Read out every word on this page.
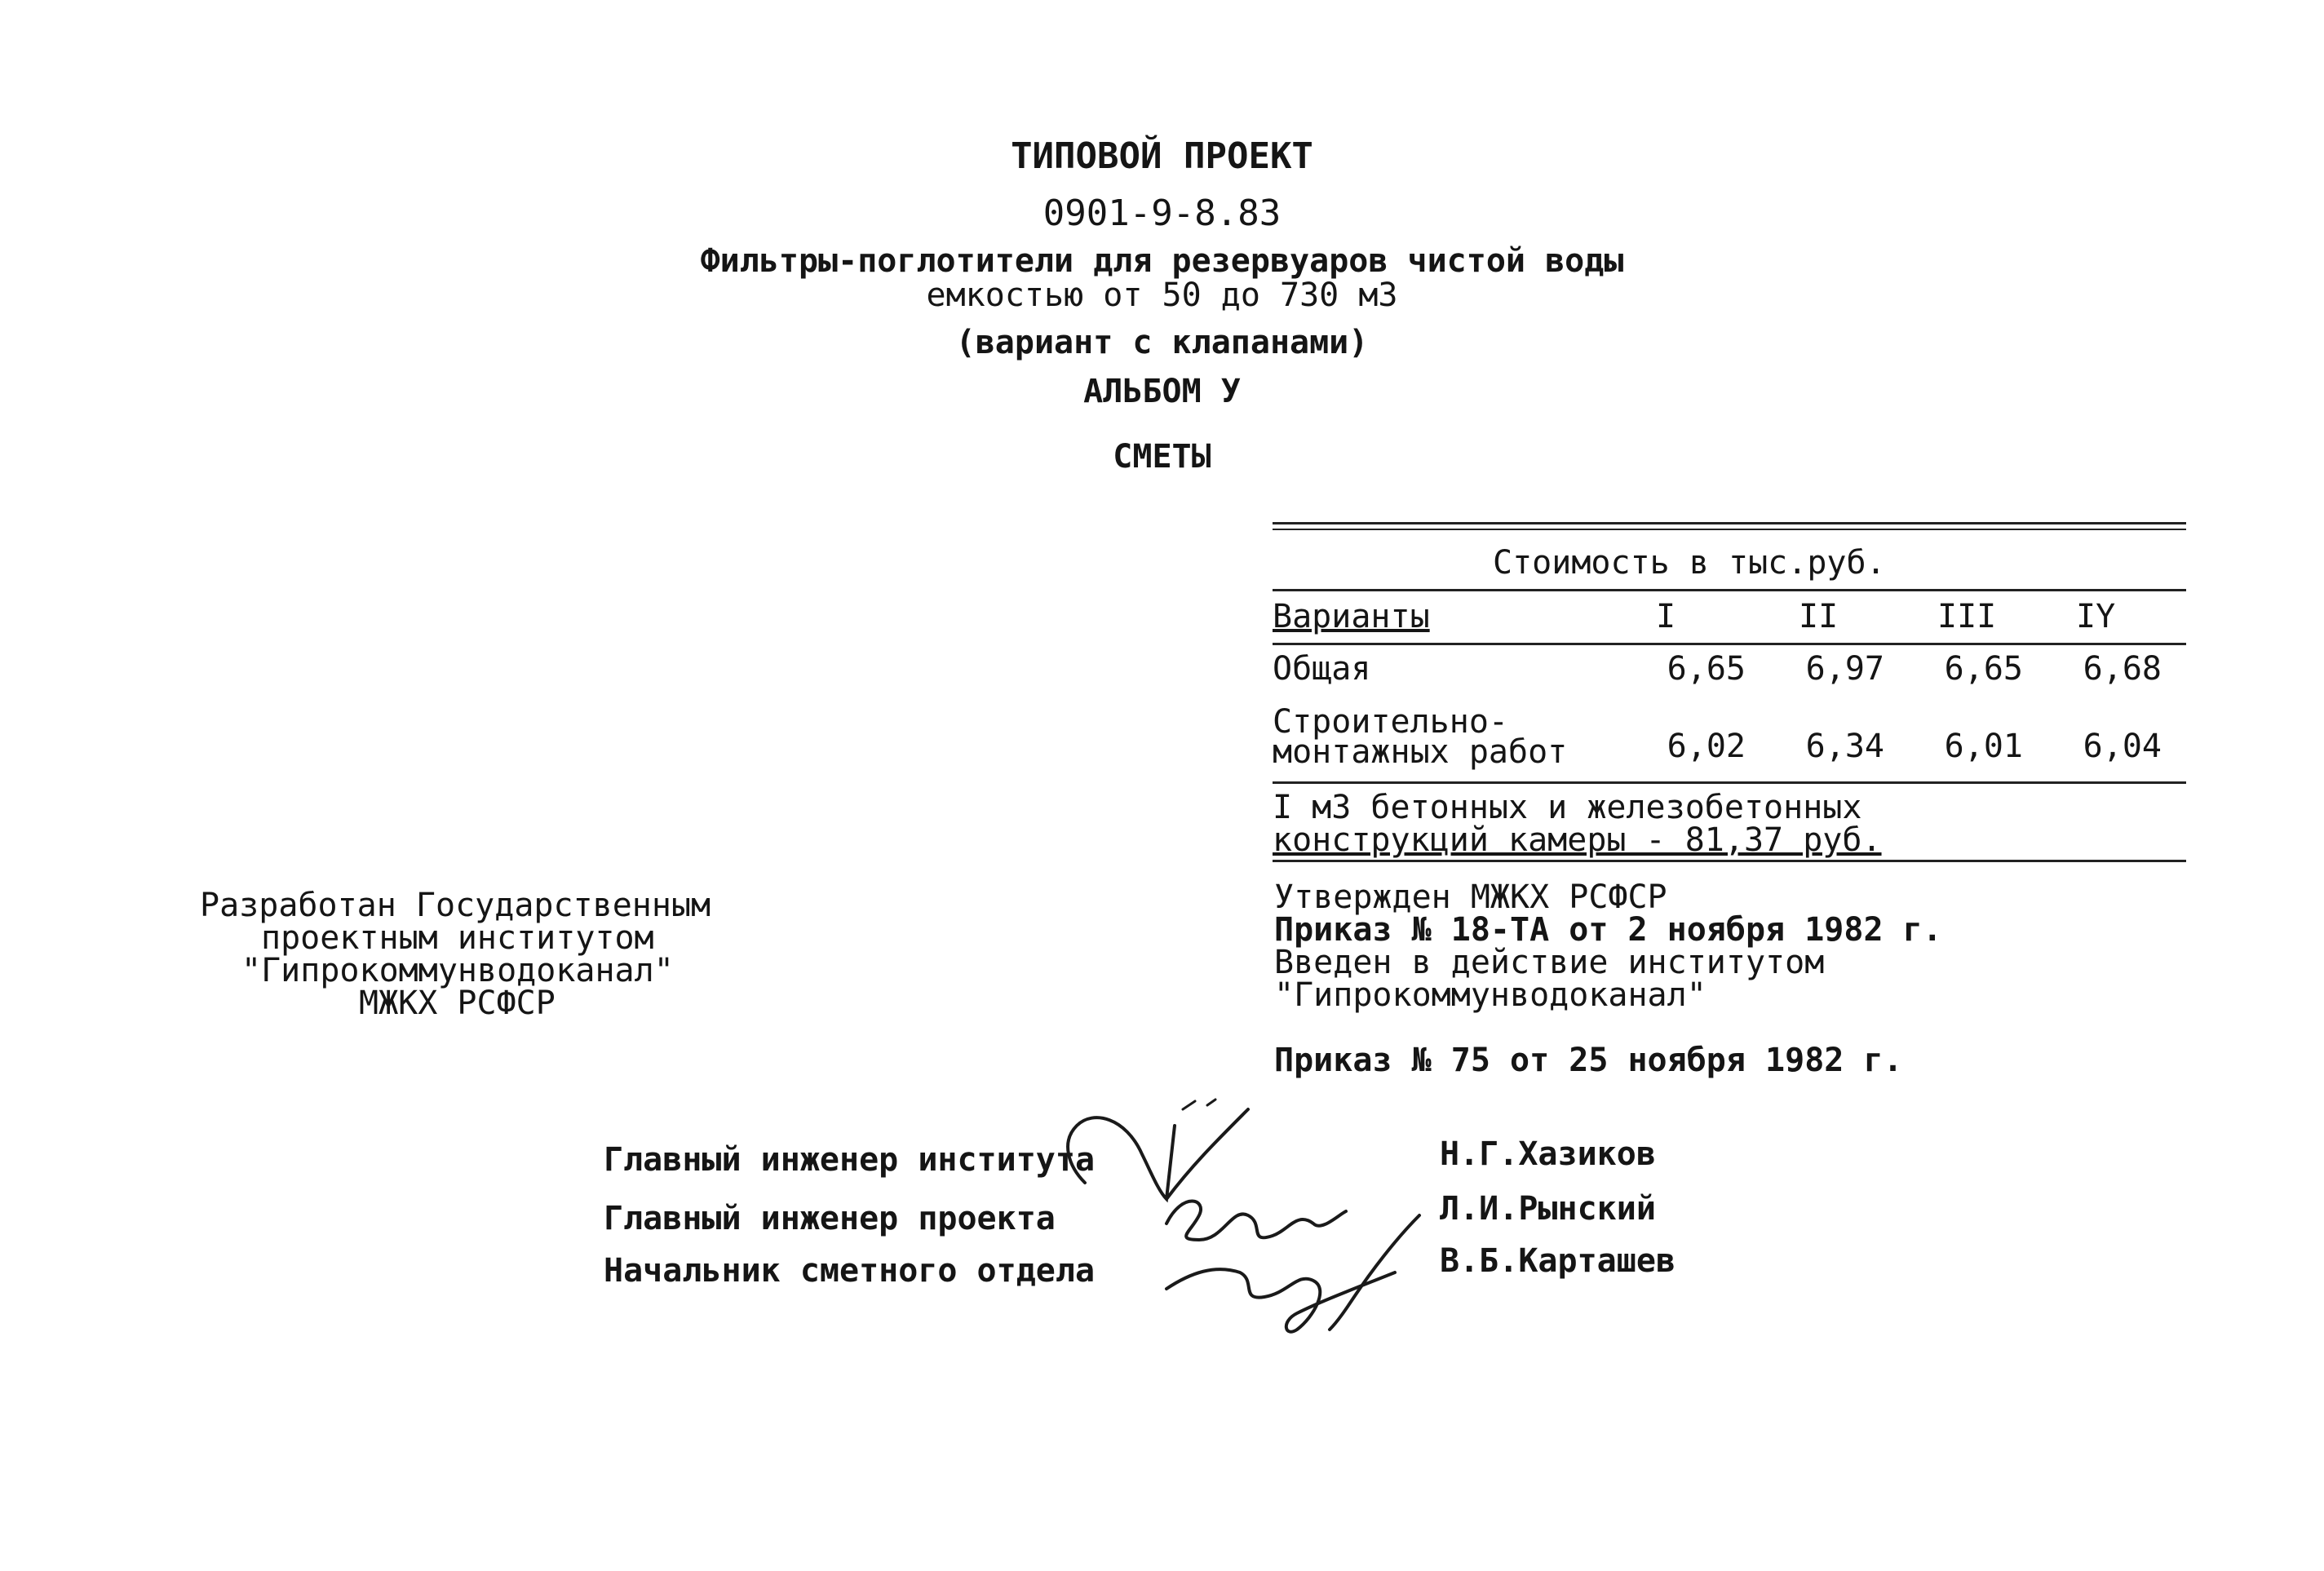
ТИПОВОЙ ПРОЕКТ
0901-9-8.83
Фильтры-поглотители для резервуаров чистой воды
емкостью от 50 до 730 м3
(вариант с клапанами)
АЛЬБОМ У
СМЕТЫ
Стоимость в тыс.руб.
Варианты	I	II	III IY
Общая	6,65	6,97	6,65	6,68
Строительно-
монтажных работ	6,02	6,34	6,01	6,04
I м3 бетонных и железобетонных
конструкций камеры - 81,37 руб.
Разработан Государственным
проектным институтом
"Гипрокоммунводоканал"
МЖКХ РСФСР
Утвержден МЖКХ РСФСР
Приказ № 18-ТА от 2 ноября 1982 г.
Введен в действие институтом
"Гипрокоммунводоканал"
Приказ № 75 от 25 ноября 1982 г.
Главный инженер института	Н.Г.Хазиков
Главный инженер проекта	Л.И.Рынский
Начальник сметного отдела	В.Б.Карташев
